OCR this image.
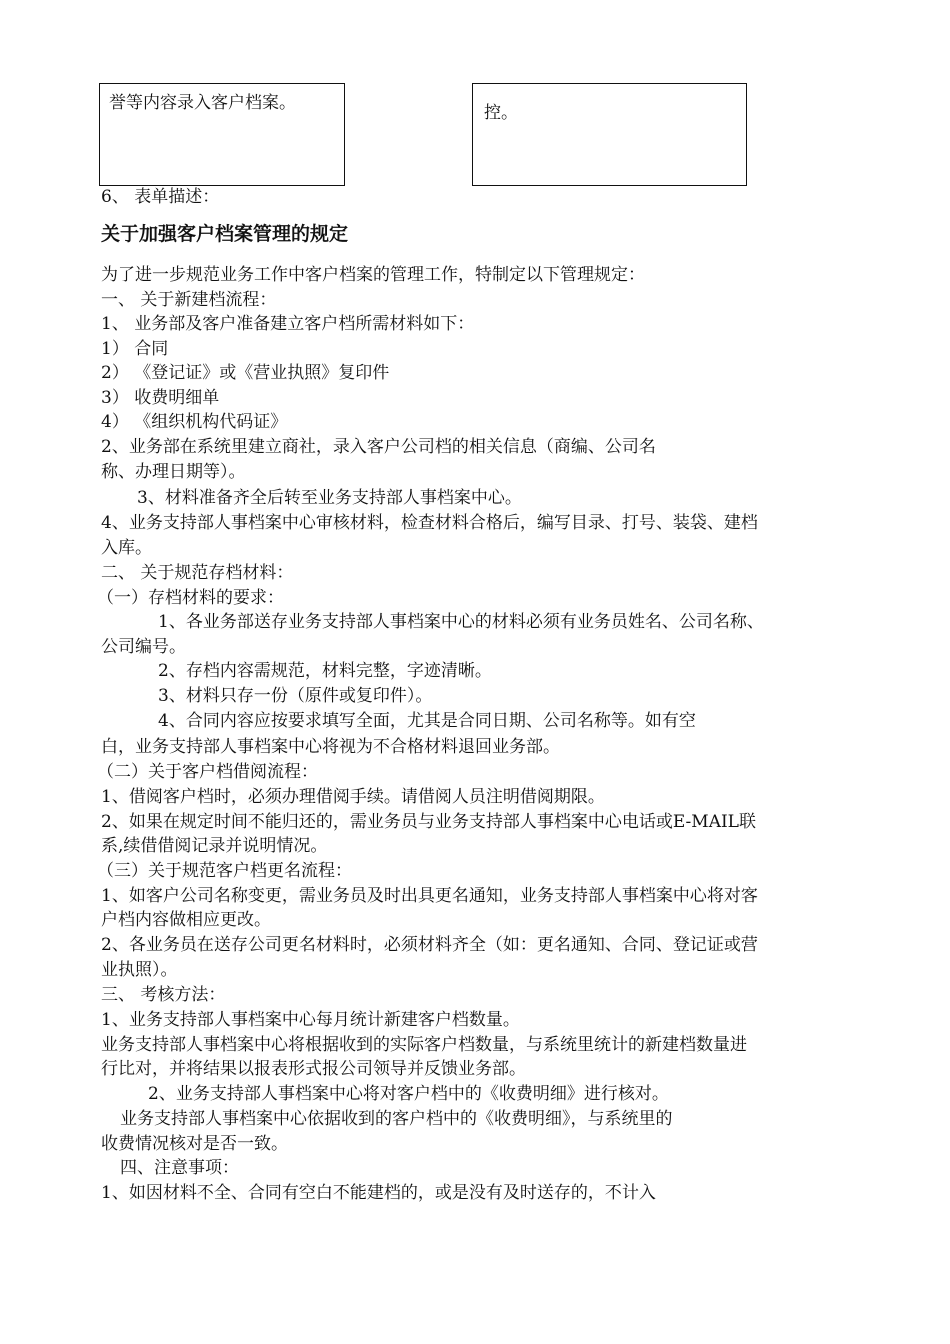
誉等内容录入客户档案。	控。
6、 表单描述：
关于加强客户档案管理的规定
为了进一步规范业务工作中客户档案的管理工作，特制定以下管理规定：
一、 关于新建档流程：
1、 业务部及客户准备建立客户档所需材料如下：
1） 合同
2） 《登记证》或《营业执照》复印件
3） 收费明细单
4） 《组织机构代码证》
2、业务部在系统里建立商社，录入客户公司档的相关信息（商编、公司名
称、办理日期等）。
3、材料准备齐全后转至业务支持部人事档案中心。
4、业务支持部人事档案中心审核材料，检查材料合格后，编写目录、打号、装袋、建档
入库。
二、 关于规范存档材料：
（一）存档材料的要求：
1、各业务部送存业务支持部人事档案中心的材料必须有业务员姓名、公司名称、
公司编号。
2、存档内容需规范，材料完整，字迹清晰。
3、材料只存一份（原件或复印件）。
4、合同内容应按要求填写全面，尤其是合同日期、公司名称等。如有空
白，业务支持部人事档案中心将视为不合格材料退回业务部。
（二）关于客户档借阅流程：
1、借阅客户档时，必须办理借阅手续。请借阅人员注明借阅期限。
2、如果在规定时间不能归还的，需业务员与业务支持部人事档案中心电话或E-MAIL联
系,续借借阅记录并说明情况。
（三）关于规范客户档更名流程：
1、如客户公司名称变更，需业务员及时出具更名通知，业务支持部人事档案中心将对客
户档内容做相应更改。
2、各业务员在送存公司更名材料时，必须材料齐全（如：更名通知、合同、登记证或营
业执照）。
三、 考核方法：
1、业务支持部人事档案中心每月统计新建客户档数量。
业务支持部人事档案中心将根据收到的实际客户档数量，与系统里统计的新建档数量进
行比对，并将结果以报表形式报公司领导并反馈业务部。
2、业务支持部人事档案中心将对客户档中的《收费明细》进行核对。
业务支持部人事档案中心依据收到的客户档中的《收费明细》，与系统里的
收费情况核对是否一致。
四、注意事项：
1、如因材料不全、合同有空白不能建档的，或是没有及时送存的，不计入
